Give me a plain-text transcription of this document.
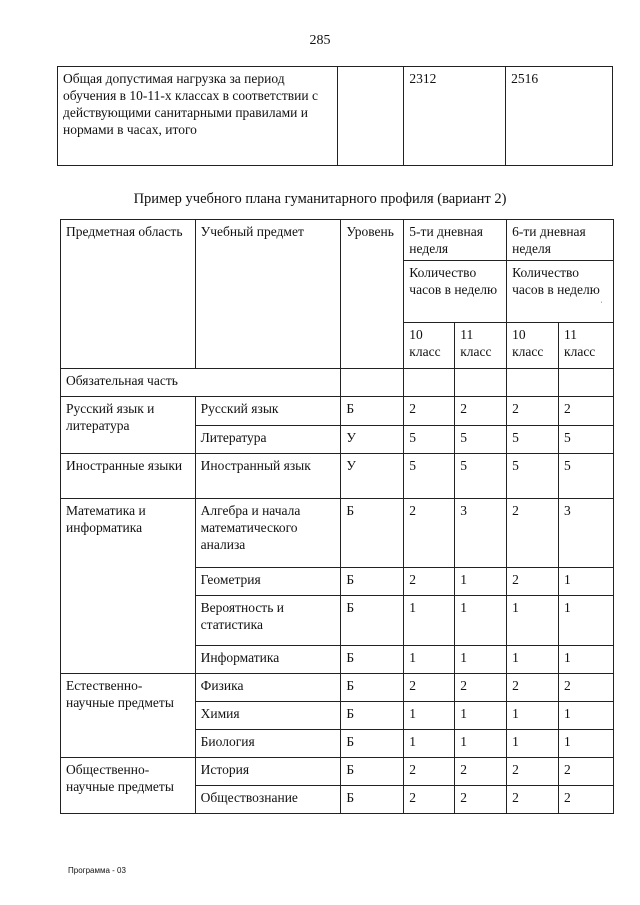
285
Общая допустимая нагрузка за период обучения в 10-11-х классах в соответствии с действующими санитарными правилами и нормами в часах, итого		2312	2516
Пример учебного плана гуманитарного профиля (вариант 2)
Предметная область	Учебный предмет	Уровень	5-ти дневная неделя		6-ти дневная неделя	
			Количество часов в неделю		Количество часов в неделю	
			10 класс	11 класс	10 класс	11 класс
Обязательная часть						
Русский язык и литература	Русский язык	Б	2	2	2	2
	Литература	У	5	5	5	5
Иностранные языки	Иностранный язык	У	5	5	5	5
Математика и информатика	Алгебра и начала математического анализа	Б	2	3	2	3
	Геометрия	Б	2	1	2	1
	Вероятность и статистика	Б	1	1	1	1
	Информатика	Б	1	1	1	1
Естественно-научные предметы	Физика	Б	2	2	2	2
	Химия	Б	1	1	1	1
	Биология	Б	1	1	1	1
Общественно-научные предметы	История	Б	2	2	2	2
	Обществознание	Б	2	2	2	2
ˈ
Программа - 03
